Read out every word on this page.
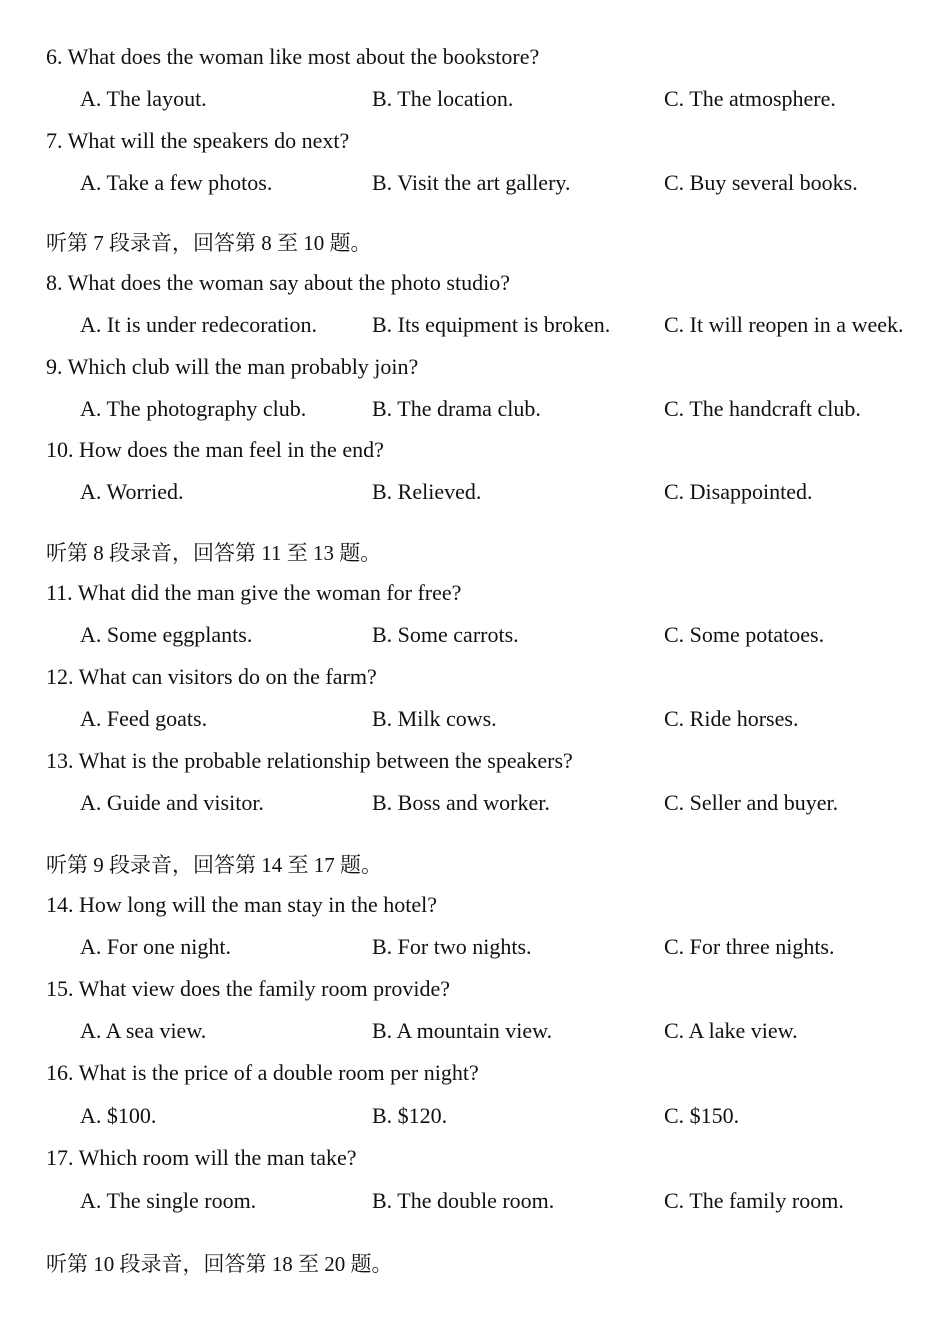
6. What does the woman like most about the bookstore?
A. The layout.	B. The location.	C. The atmosphere.
7. What will the speakers do next?
A. Take a few photos.	B. Visit the art gallery.	C. Buy several books.
听第 7 段录音，回答第 8 至 10 题。
8. What does the woman say about the photo studio?
A. It is under redecoration. B. Its equipment is broken. C. It will reopen in a week.
9. Which club will the man probably join?
A. The photography club.	B. The drama club.	C. The handcraft club.
10. How does the man feel in the end?
A. Worried.	B. Relieved.	C. Disappointed.
听第 8 段录音，回答第 11 至 13 题。
11. What did the man give the woman for free?
A. Some eggplants.	B. Some carrots.	C. Some potatoes.
12. What can visitors do on the farm?
A. Feed goats.	B. Milk cows.	C. Ride horses.
13. What is the probable relationship between the speakers?
A. Guide and visitor.	B. Boss and worker.	C. Seller and buyer.
听第 9 段录音，回答第 14 至 17 题。
14. How long will the man stay in the hotel?
A. For one night.	B. For two nights.	C. For three nights.
15. What view does the family room provide?
A. A sea view.	B. A mountain view.	C. A lake view.
16. What is the price of a double room per night?
A. $100.	B. $120.	C. $150.
17. Which room will the man take?
A. The single room.	B. The double room.	C. The family room.
听第 10 段录音，回答第 18 至 20 题。
